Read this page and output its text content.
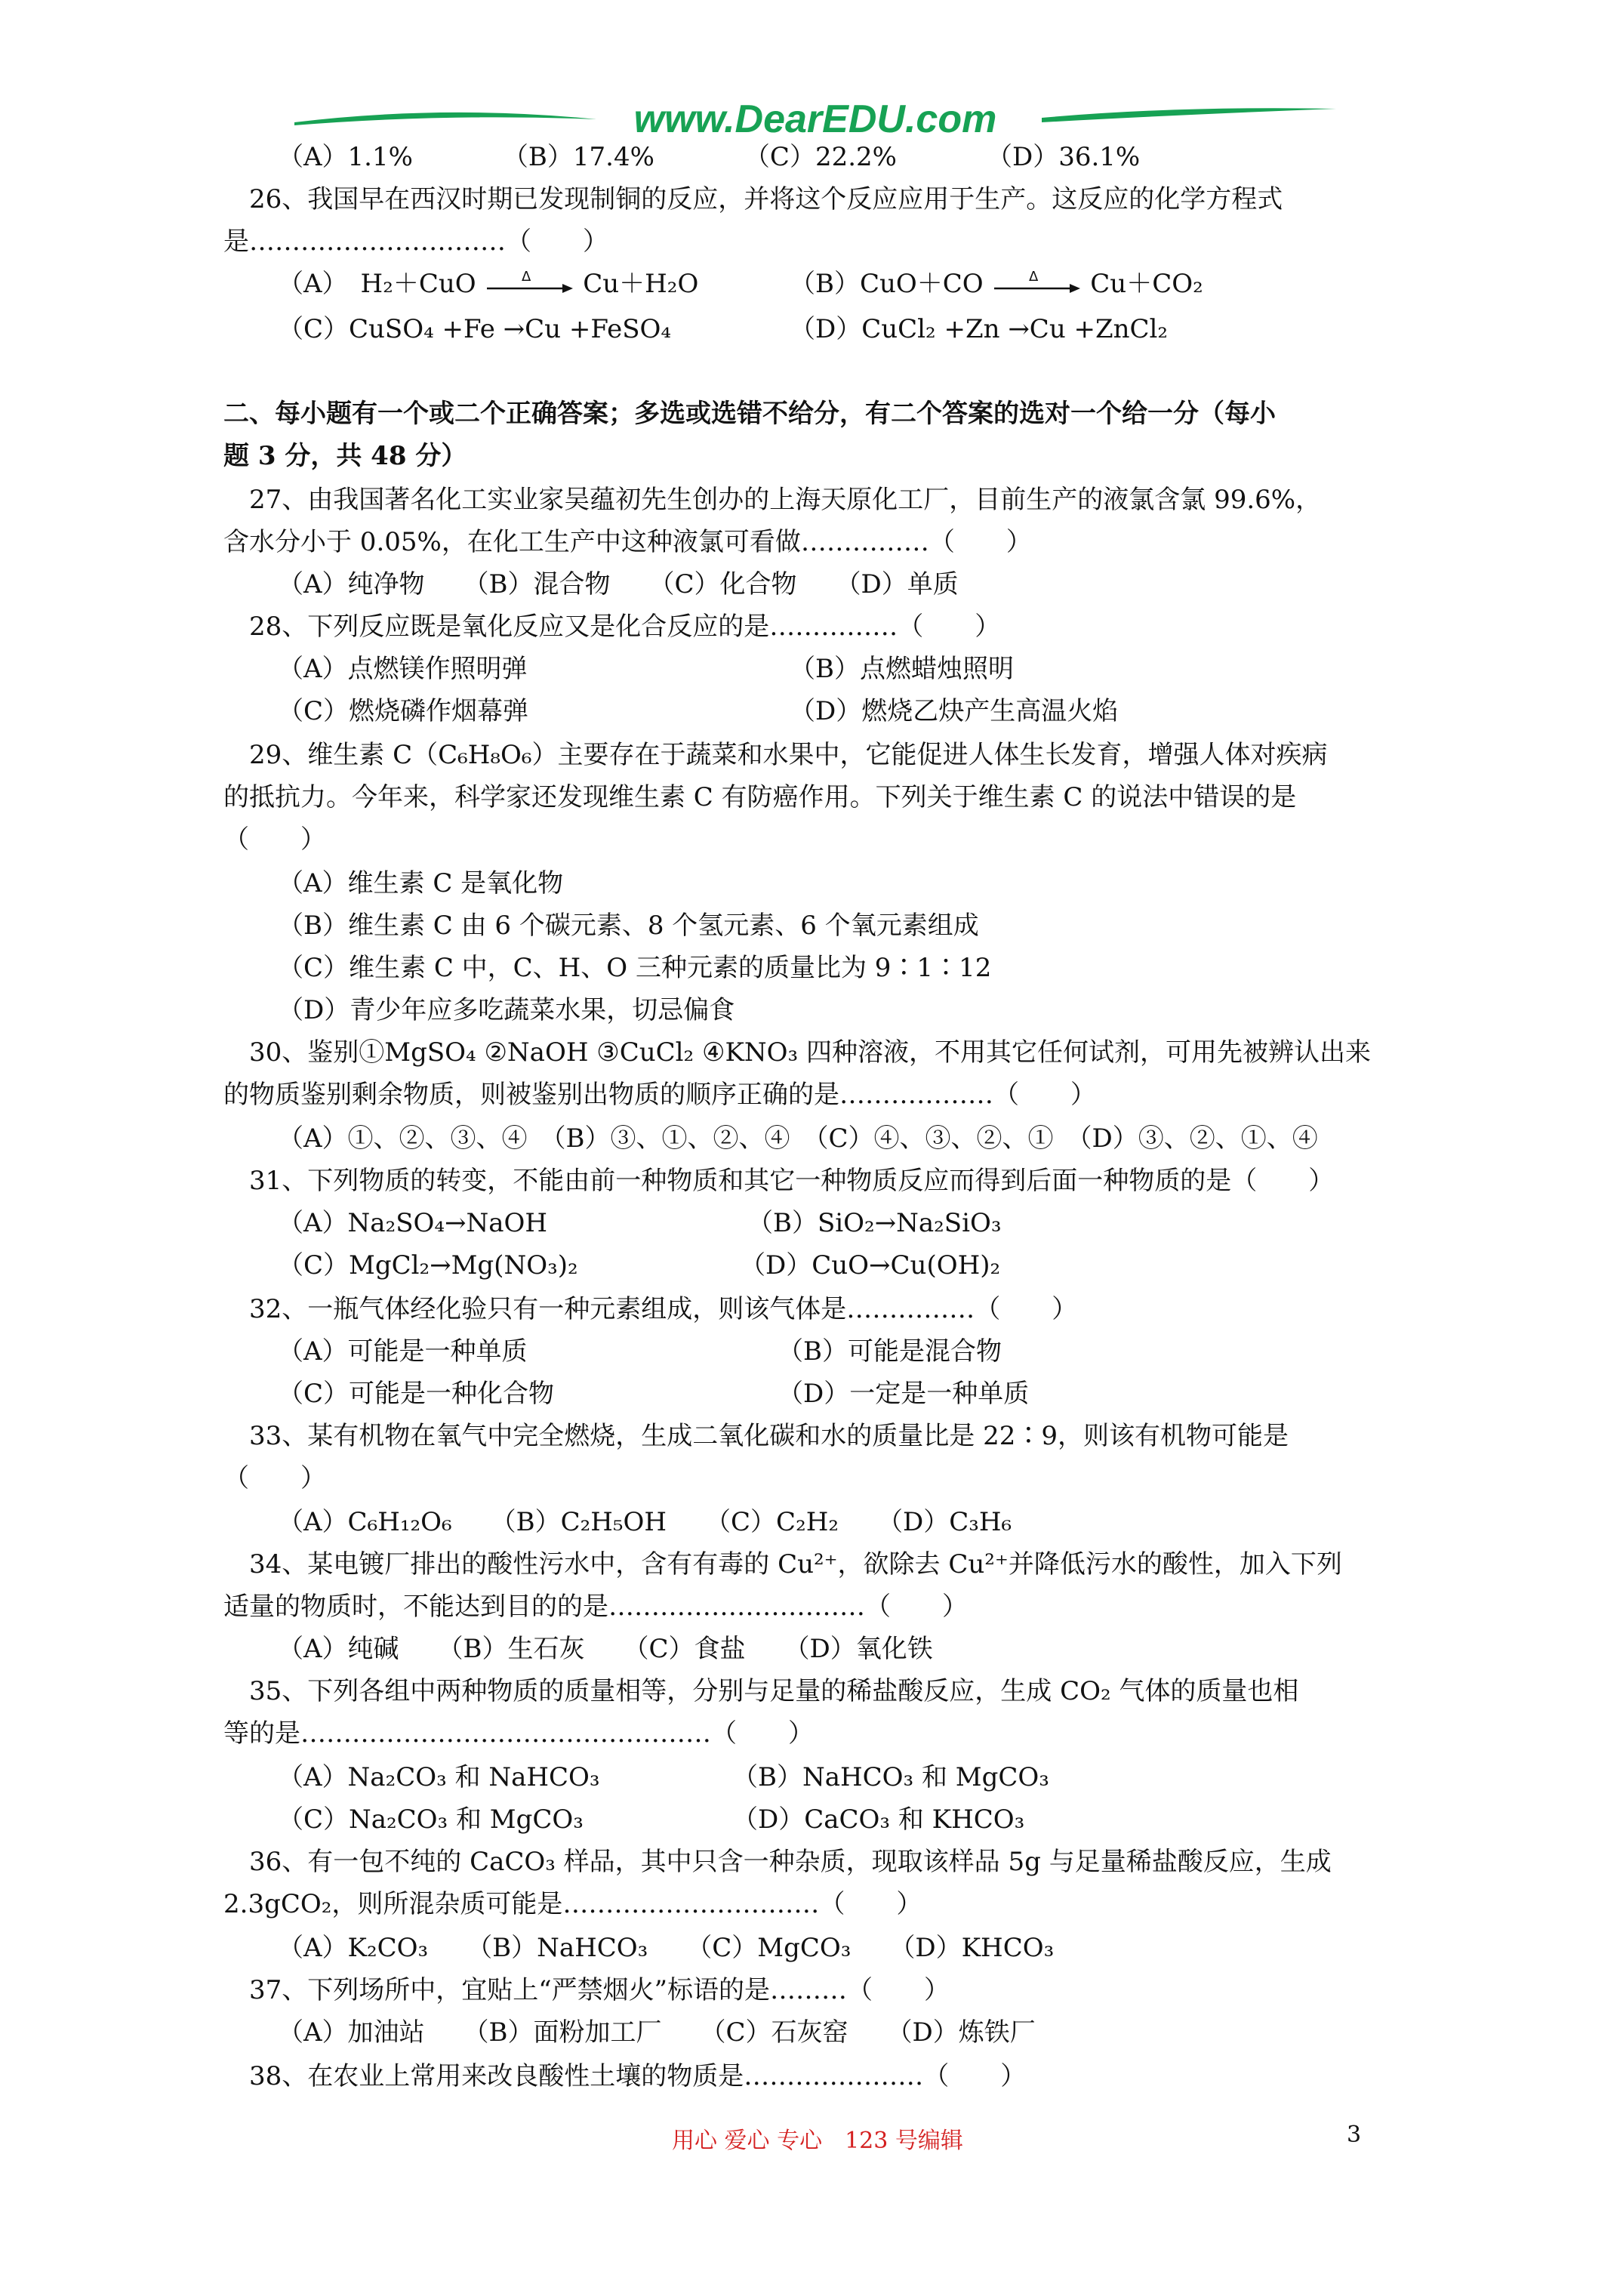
www.DearEDU.com
（A）1.1%　　　　（B）17.4%　　　　（C）22.2%　　　　（D）36.1%
26、我国早在西汉时期已发现制铜的反应，并将这个反应应用于生产。这反应的化学方程式
是…………………………（　　）
（A）　H₂＋CuO	Δ Cu＋H₂O	（B）CuO＋CO	Δ Cu＋CO₂
（C）CuSO₄ +Fe →Cu +FeSO₄	（D）CuCl₂ +Zn →Cu +ZnCl₂
二、每小题有一个或二个正确答案；多选或选错不给分，有二个答案的选对一个给一分（每小
题 3 分，共 48 分）
27、由我国著名化工实业家吴蕴初先生创办的上海天原化工厂，目前生产的液氯含氯 99.6%，
含水分小于 0.05%，在化工生产中这种液氯可看做……………（　　）
（A）纯净物　　（B）混合物　　（C）化合物　　（D）单质
28、下列反应既是氧化反应又是化合反应的是……………（　　）
（A）点燃镁作照明弹	（B）点燃蜡烛照明
（C）燃烧磷作烟幕弹	（D）燃烧乙炔产生高温火焰
29、维生素 C（C₆H₈O₆）主要存在于蔬菜和水果中，它能促进人体生长发育，增强人体对疾病
的抵抗力。今年来，科学家还发现维生素 C 有防癌作用。下列关于维生素 C 的说法中错误的是
（　　）
（A）维生素 C 是氧化物
（B）维生素 C 由 6 个碳元素、8 个氢元素、6 个氧元素组成
（C）维生素 C 中，C、H、O 三种元素的质量比为 9∶1∶12
（D）青少年应多吃蔬菜水果，切忌偏食
30、鉴别①MgSO₄ ②NaOH ③CuCl₂ ④KNO₃ 四种溶液，不用其它任何试剂，可用先被辨认出来
的物质鉴别剩余物质，则被鉴别出物质的顺序正确的是………………（　　）
（A）①、②、③、④　（B）③、①、②、④　（C）④、③、②、①　（D）③、②、①、④
31、下列物质的转变，不能由前一种物质和其它一种物质反应而得到后面一种物质的是（　　）
（A）Na₂SO₄→NaOH	（B）SiO₂→Na₂SiO₃
（C）MgCl₂→Mg(NO₃)₂	（D）CuO→Cu(OH)₂
32、一瓶气体经化验只有一种元素组成，则该气体是……………（　　）
（A）可能是一种单质	（B）可能是混合物
（C）可能是一种化合物	（D）一定是一种单质
33、某有机物在氧气中完全燃烧，生成二氧化碳和水的质量比是 22∶9，则该有机物可能是
（　　）
（A）C₆H₁₂O₆　　（B）C₂H₅OH　　（C）C₂H₂　　（D）C₃H₆
34、某电镀厂排出的酸性污水中，含有有毒的 Cu²⁺，欲除去 Cu²⁺并降低污水的酸性，加入下列
适量的物质时，不能达到目的的是…………………………（　　）
（A）纯碱　　（B）生石灰　　（C）食盐　　（D）氧化铁
35、下列各组中两种物质的质量相等，分别与足量的稀盐酸反应，生成 CO₂ 气体的质量也相
等的是…………………………………………（　　）
（A）Na₂CO₃ 和 NaHCO₃	（B）NaHCO₃ 和 MgCO₃
（C）Na₂CO₃ 和 MgCO₃	（D）CaCO₃ 和 KHCO₃
36、有一包不纯的 CaCO₃ 样品，其中只含一种杂质，现取该样品 5g 与足量稀盐酸反应，生成
2.3gCO₂，则所混杂质可能是…………………………（　　）
（A）K₂CO₃　　（B）NaHCO₃　　（C）MgCO₃　　（D）KHCO₃
37、下列场所中，宜贴上“严禁烟火”标语的是………（　　）
（A）加油站　　（B）面粉加工厂　　（C）石灰窑　　（D）炼铁厂
38、在农业上常用来改良酸性土壤的物质是…………………（　　）
用心 爱心 专心　123 号编辑	3
